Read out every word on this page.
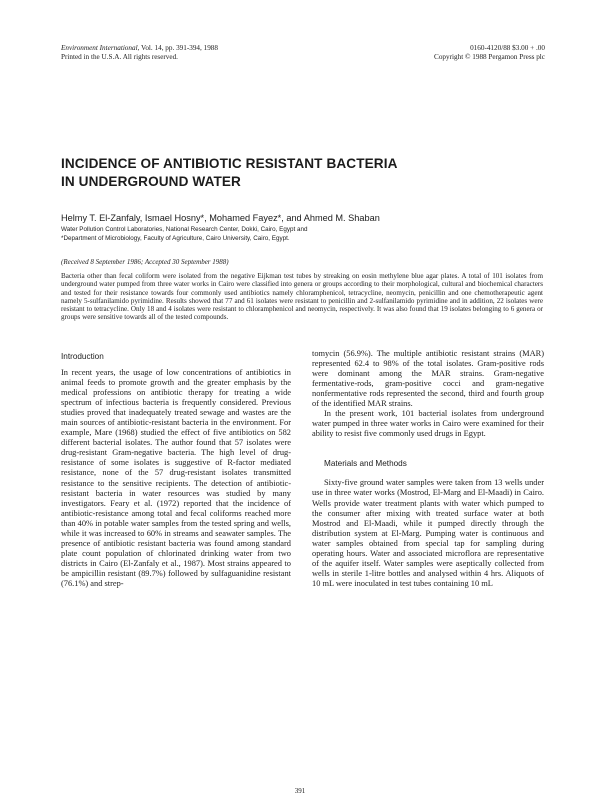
Environment International, Vol. 14, pp. 391-394, 1988
Printed in the U.S.A. All rights reserved.
0160-4120/88 $3.00 + .00
Copyright © 1988 Pergamon Press plc
INCIDENCE OF ANTIBIOTIC RESISTANT BACTERIA
IN UNDERGROUND WATER
Helmy T. El-Zanfaly, Ismael Hosny*, Mohamed Fayez*, and Ahmed M. Shaban
Water Pollution Control Laboratories, National Research Center, Dokki, Cairo, Egypt and
*Department of Microbiology, Faculty of Agriculture, Cairo University, Cairo, Egypt.
(Received 8 September 1986; Accepted 30 September 1988)
Bacteria other than fecal coliform were isolated from the negative Eijkman test tubes by streaking on eosin methylene blue agar plates. A total of 101 isolates from underground water pumped from three water works in Cairo were classified into genera or groups according to their morphological, cultural and biochemical characters and tested for their resistance towards four commonly used antibiotics namely chloramphenicol, tetracycline, neomycin, penicillin and one chemotherapeutic agent namely 5-sulfanilamido pyrimidine. Results showed that 77 and 61 isolates were resistant to penicillin and 2-sulfanilamido pyrimidine and in addition, 22 isolates were resistant to tetracycline. Only 18 and 4 isolates were resistant to chloramphenicol and neomycin, respectively. It was also found that 19 isolates belonging to 6 genera or groups were sensitive towards all of the tested compounds.
Introduction

In recent years, the usage of low concentrations of antibiotics in animal feeds to promote growth and the greater emphasis by the medical professions on antibiotic therapy for treating a wide spectrum of infectious bacteria is frequently considered. Previous studies proved that inadequately treated sewage and wastes are the main sources of antibiotic-resistant bacteria in the environment. For example, Mare (1968) studied the effect of five antibiotics on 582 different bacterial isolates. The author found that 57 isolates were drug-resistant Gram-negative bacteria. The high level of drug-resistance of some isolates is suggestive of R-factor mediated resistance, none of the 57 drug-resistant isolates transmitted resistance to the sensitive recipients. The detection of antibiotic-resistant bacteria in water resources was studied by many investigators. Feary et al. (1972) reported that the incidence of antibiotic-resistance among total and fecal coliforms reached more than 40% in potable water samples from the tested spring and wells, while it was increased to 60% in streams and seawater samples. The presence of antibiotic resistant bacteria was found among standard plate count population of chlorinated drinking water from two districts in Cairo (El-Zanfaly et al., 1987). Most strains appeared to be ampicillin resistant (89.7%) followed by sulfaguanidine resistant (76.1%) and strep-

tomycin (56.9%). The multiple antibiotic resistant strains (MAR) represented 62.4 to 98% of the total isolates. Gram-positive rods were dominant among the MAR strains. Gram-negative fermentative-rods, gram-positive cocci and gram-negative nonfermentative rods represented the second, third and fourth group of the identified MAR strains.

In the present work, 101 bacterial isolates from underground water pumped in three water works in Cairo were examined for their ability to resist five commonly used drugs in Egypt.

Materials and Methods

Sixty-five ground water samples were taken from 13 wells under use in three water works (Mostrod, El-Marg and El-Maadi) in Cairo. Wells provide water treatment plants with water which pumped to the consumer after mixing with treated surface water at both Mostrod and El-Maadi, while it pumped directly through the distribution system at El-Marg. Pumping water is continuous and water samples obtained from special tap for sampling during operating hours. Water and associated microflora are representative of the aquifer itself. Water samples were aseptically collected from wells in sterile 1-litre bottles and analysed within 4 hrs. Aliquots of 10 mL were inoculated in test tubes containing 10 mL

391
